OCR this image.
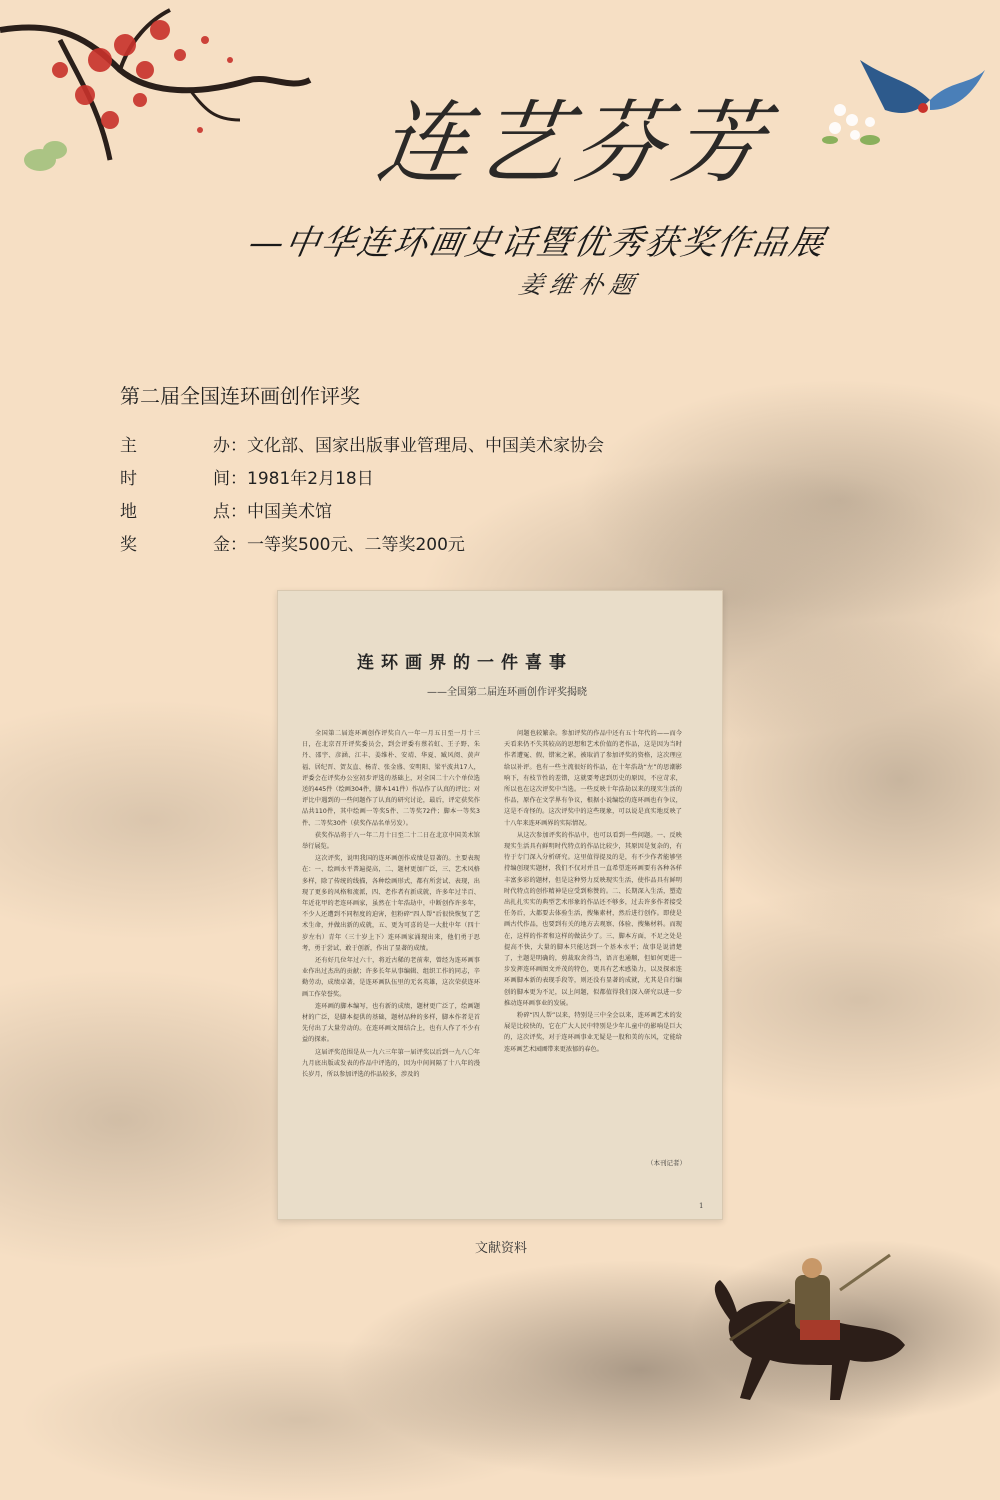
连艺芬芳
—中华连环画史话暨优秀获奖作品展
姜维朴题
第二届全国连环画创作评奖
主	办 ：文化部、国家出版事业管理局、中国美术家协会
时	间 ：1981年2月18日
地	点 ：中国美术馆
奖	金 ：一等奖500元、二等奖200元
连环画界的一件喜事
——全国第二届连环画创作评奖揭晓

全国第二届连环画创作评奖自八一年一月五日至一月十三日，在北京召开评奖委员会，到会评委有蔡若虹、王子野、朱丹、邵宇、彦涵、江丰、姜维朴、安靖、华夏、臧风阅、黄声福、居纪晋、贺友直、杨青、张金盛、安明阳、梁平波共17人，评委会在评奖办公室初步评选的基础上，对全国二十六个单位选送的445件（绘画304件，脚本141件）作品作了认真的评比；对评比中遇到的一些问题作了认真的研究讨论，最后，评定获奖作品共110件，其中绘画一等奖5件、二等奖72件；脚本一等奖3件、二等奖30件（获奖作品名单另发）。

获奖作品将于八一年二月十日至二十二日在北京中国美术馆举行展览。

这次评奖，说明我国的连环画创作成绩是显著的。主要表现在：一、绘画水平普遍提高，二、题材更加广泛，三、艺术风格多样，除了传统的线描，各种绘画形式，都有所尝试、表现，出现了更多的风格和流派，四、老作者有新成就，许多年过半百、年近花甲的老连环画家，虽然在十年浩劫中，中断创作许多年，不少人还遭到不同程度的迫害，但粉碎“四人帮”后很快恢复了艺术生命，并做出新的成就，五、更为可喜的是一大批中年（四十岁左右）青年（三十岁上下）连环画家涌现出来，他们勇于思考，勇于尝试、敢于创新，作出了显著的成绩。

还有好几位年过六十，将近古稀的老前辈，曾经为连环画事业作出过杰出的贡献；许多长年从事编辑、组织工作的同志，辛勤劳动，成绩卓著，是连环画队伍里的无名英雄，这次荣获连环画工作荣誉奖。

连环画的脚本编写，也有新的成绩，题材更广泛了，绘画题材的广泛，是脚本提供的基础，题材品种的多样，脚本作者是首先付出了大量劳动的。在连环画文图结合上，也有人作了不少有益的探索。

这届评奖范围是从一九六三年第一届评奖以后到一九八〇年九月底出版或发表的作品中评选的，因为中间间隔了十八年的漫长岁月，所以参加评选的作品较多，涉及的

问题也较繁杂。参加评奖的作品中还有五十年代的——而今天看来仍不失其较高的思想和艺术价值的老作品，这是因为当时作者遭冤、假、错案之累，被取消了参加评奖的资格，这次理应给以补评。也有一些主流很好的作品，在十年浩劫“左”的思潮影响下，有枝节性的差错，这就要考虑到历史的原因，不应苛求，所以也在这次评奖中当选。一些反映十年浩劫以来的现实生活的作品，原作在文学界有争议，根据小说编绘的连环画也有争议，这是不奇怪的。这次评奖中的这些现象，可以说是真实地反映了十八年来连环画界的实际情况。

从这次参加评奖的作品中，也可以看到一些问题。一、反映现实生活具有鲜明时代特点的作品比较少，其原因是复杂的，有待于专门深入分析研究。这里值得提及的是，有不少作者能够坚持编创现实题材，我们不仅对并且一直希望连环画要有各种各样丰富多彩的题材，但是这种努力反映现实生活，使作品具有鲜明时代特点的创作精神是应受到称赞的。二、长期深入生活，塑造出扎扎实实的典型艺术形象的作品还不够多，过去许多作者接受任务后，大都要去体验生活，搜集素材，然后进行创作。即使是画古代作品，也要到有关的地方去观察、体验、搜集材料。而现在，这样的作者和这样的做法少了。三、脚本方面，不足之处是提高不快，大量的脚本只能达到一个基本水平；故事是说清楚了，主题是明确的，剪裁取舍得当，语言也通顺，但如何更进一步发挥连环画图文并茂的特色，更具有艺术感染力，以及探索连环画脚本新的表现手段等，则还没有显著的成就，尤其是自行编创的脚本更为不足，以上问题，似都值得我们深入研究以进一步推动连环画事业的发展。

粉碎“四人帮”以来，特别是三中全会以来，连环画艺术的发展是比较快的，它在广大人民中特别是少年儿童中的影响是巨大的，这次评奖，对于连环画事业无疑是一股和美的东风，定能给连环画艺术园圃带来更浓郁的春色。

（本刊记者）
1
文献资料
